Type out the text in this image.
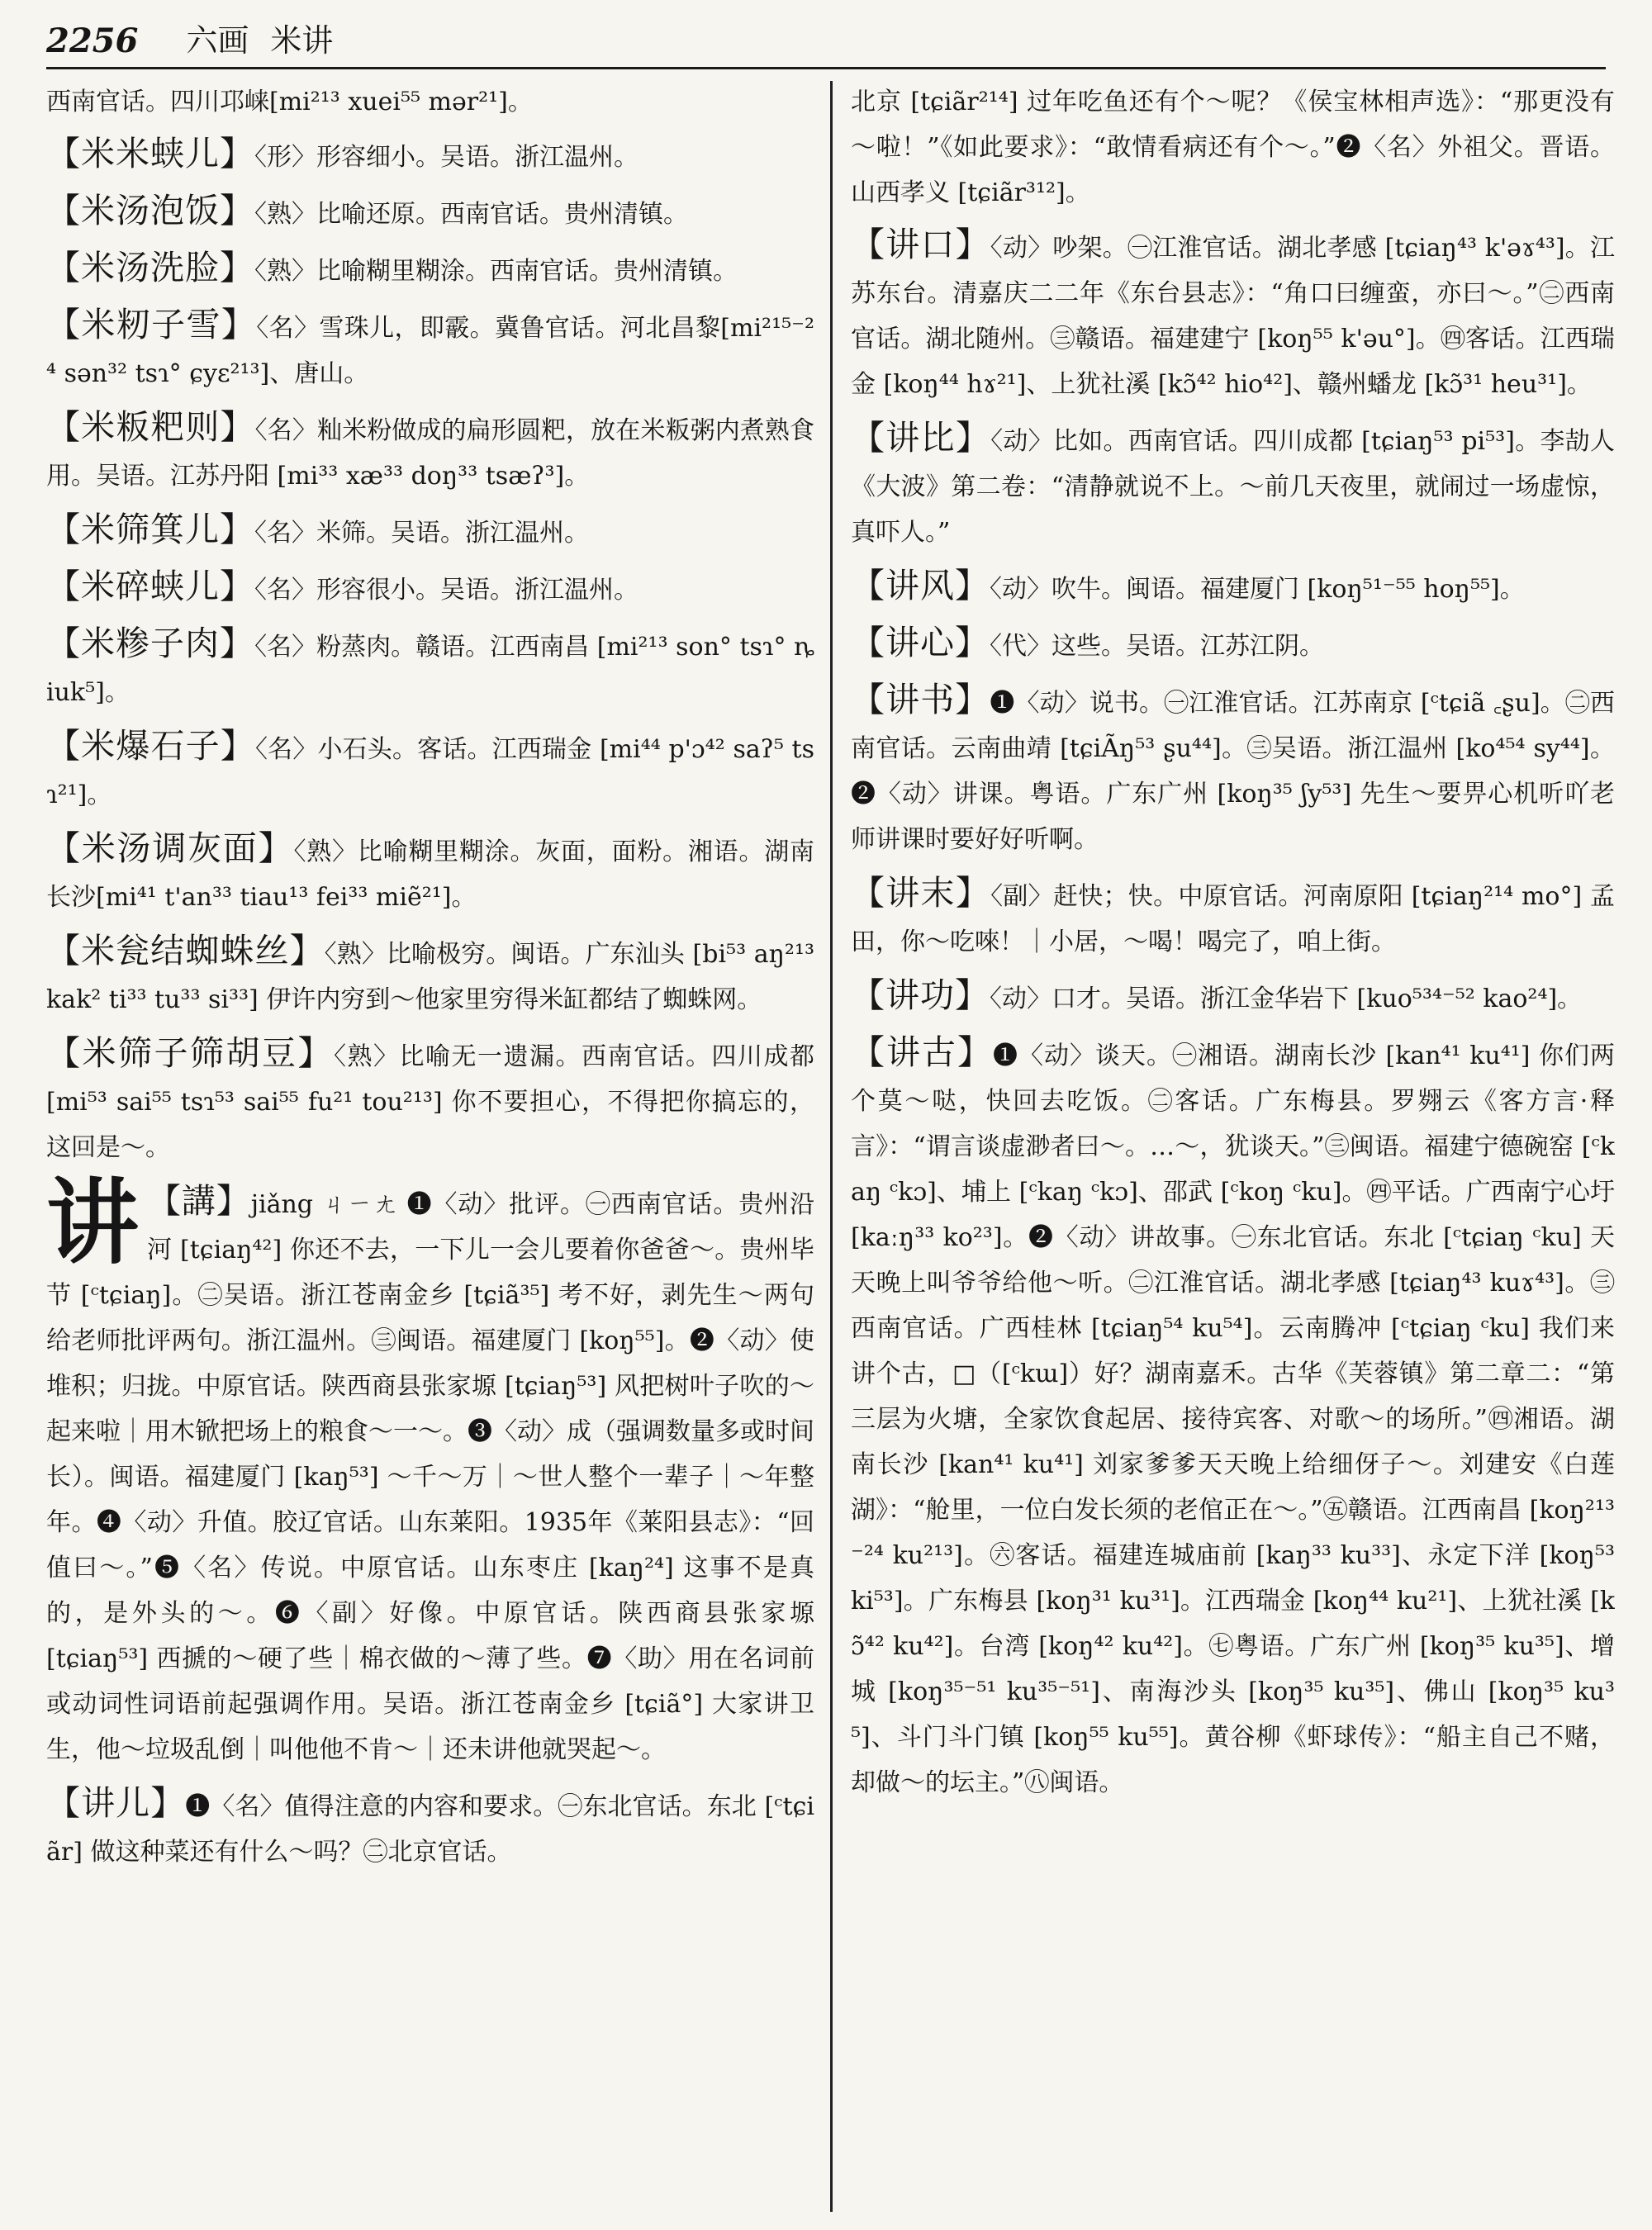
2256 六画 米讲

西南官话。四川邛崃[mi²¹³ xuei⁵⁵ mər²¹]。

【米米蛱儿】〈形〉形容细小。吴语。浙江温州。

【米汤泡饭】〈熟〉比喻还原。西南官话。贵州清镇。

【米汤洗脸】〈熟〉比喻糊里糊涂。西南官话。贵州清镇。

【米籾子雪】〈名〉雪珠儿，即霰。冀鲁官话。河北昌黎[mi²¹⁵⁻²⁴ sən³² tsɿ° ɕyɛ²¹³]、唐山。

【米粄粑则】〈名〉籼米粉做成的扁形圆粑，放在米粄粥内煮熟食用。吴语。江苏丹阳 [mi³³ xæ³³ doŋ³³ tsæʔ³]。

【米筛箕儿】〈名〉米筛。吴语。浙江温州。

【米碎蛱儿】〈名〉形容很小。吴语。浙江温州。

【米糁子肉】〈名〉粉蒸肉。赣语。江西南昌 [mi²¹³ son° tsɿ° ȵiuk⁵]。

【米爆石子】〈名〉小石头。客话。江西瑞金 [mi⁴⁴ p'ɔ⁴² saʔ⁵ tsɿ²¹]。

【米汤调灰面】〈熟〉比喻糊里糊涂。灰面，面粉。湘语。湖南长沙[mi⁴¹ t'an³³ tiau¹³ fei³³ miẽ²¹]。

【米瓮结蜘蛛丝】〈熟〉比喻极穷。闽语。广东汕头 [bi⁵³ aŋ²¹³ kak² ti³³ tu³³ si³³] 伊许内穷到～他家里穷得米缸都结了蜘蛛网。

【米筛子筛胡豆】〈熟〉比喻无一遗漏。西南官话。四川成都 [mi⁵³ sai⁵⁵ tsɿ⁵³ sai⁵⁵ fu²¹ tou²¹³] 你不要担心，不得把你搞忘的，这回是～。

讲 【講】jiǎng ㄐㄧㄤ ❶〈动〉批评。㊀西南官话。贵州沿河 [tɕiaŋ⁴²] 你还不去，一下儿一会儿要着你爸爸～。贵州毕节 [ᶜtɕiaŋ]。㊁吴语。浙江苍南金乡 [tɕiã³⁵] 考不好，剥先生～两句给老师批评两句。浙江温州。㊂闽语。福建厦门 [koŋ⁵⁵]。❷〈动〉使堆积；归拢。中原官话。陕西商县张家塬 [tɕiaŋ⁵³] 风把树叶子吹的～起来啦｜用木锨把场上的粮食～一～。❸〈动〉成（强调数量多或时间长）。闽语。福建厦门 [kaŋ⁵³] ～千～万｜～世人整个一辈子｜～年整年。❹〈动〉升值。胶辽官话。山东莱阳。1935年《莱阳县志》：“回值曰～。”❺〈名〉传说。中原官话。山东枣庄 [kaŋ²⁴] 这事不是真的，是外头的～。❻〈副〉好像。中原官话。陕西商县张家塬 [tɕiaŋ⁵³] 西搋的～硬了些｜棉衣做的～薄了些。❼〈助〉用在名词前或动词性词语前起强调作用。吴语。浙江苍南金乡 [tɕiã°] 大家讲卫生，他～垃圾乱倒｜叫他他不肯～｜还未讲他就哭起～。

【讲儿】❶〈名〉值得注意的内容和要求。㊀东北官话。东北 [ᶜtɕiãr] 做这种菜还有什么～吗？㊁北京官话。

北京 [tɕiãr²¹⁴] 过年吃鱼还有个～呢？《侯宝林相声选》：“那更没有～啦！”《如此要求》：“敢情看病还有个～。”❷〈名〉外祖父。晋语。山西孝义 [tɕiãr³¹²]。

【讲口】〈动〉吵架。㊀江淮官话。湖北孝感 [tɕiaŋ⁴³ k'əɤ⁴³]。江苏东台。清嘉庆二二年《东台县志》：“角口曰缠蛮，亦曰～。”㊁西南官话。湖北随州。㊂赣语。福建建宁 [koŋ⁵⁵ k'əu°]。㊃客话。江西瑞金 [koŋ⁴⁴ hɤ²¹]、上犹社溪 [kɔ̃⁴² hio⁴²]、赣州蟠龙 [kɔ̃³¹ heu³¹]。

【讲比】〈动〉比如。西南官话。四川成都 [tɕiaŋ⁵³ pi⁵³]。李劼人《大波》第二卷：“清静就说不上。～前几天夜里，就闹过一场虚惊，真吓人。”

【讲风】〈动〉吹牛。闽语。福建厦门 [koŋ⁵¹⁻⁵⁵ hoŋ⁵⁵]。

【讲心】〈代〉这些。吴语。江苏江阴。

【讲书】❶〈动〉说书。㊀江淮官话。江苏南京 [ᶜtɕiã ꜀ʂu]。㊁西南官话。云南曲靖 [tɕiÃŋ⁵³ ʂu⁴⁴]。㊂吴语。浙江温州 [ko⁴⁵⁴ sy⁴⁴]。❷〈动〉讲课。粤语。广东广州 [koŋ³⁵ ʃy⁵³] 先生～要畀心机听吖老师讲课时要好好听啊。

【讲末】〈副〉赶快；快。中原官话。河南原阳 [tɕiaŋ²¹⁴ mo°] 孟田，你～吃唻！｜小居，～喝！喝完了，咱上街。

【讲功】〈动〉口才。吴语。浙江金华岩下 [kuo⁵³⁴⁻⁵² kao²⁴]。

【讲古】❶〈动〉谈天。㊀湘语。湖南长沙 [kan⁴¹ ku⁴¹] 你们两个莫～哒，快回去吃饭。㊁客话。广东梅县。罗翙云《客方言·释言》：“谓言谈虚渺者曰～。…～，犹谈天。”㊂闽语。福建宁德碗窑 [ᶜkaŋ ᶜkɔ]、埔上 [ᶜkaŋ ᶜkɔ]、邵武 [ᶜkoŋ ᶜku]。㊃平话。广西南宁心圩 [kaːŋ³³ ko²³]。❷〈动〉讲故事。㊀东北官话。东北 [ᶜtɕiaŋ ᶜku] 天天晚上叫爷爷给他～听。㊁江淮官话。湖北孝感 [tɕiaŋ⁴³ kuɤ⁴³]。㊂西南官话。广西桂林 [tɕiaŋ⁵⁴ ku⁵⁴]。云南腾冲 [ᶜtɕiaŋ ᶜku] 我们来讲个古，□（[ᶜkɯ]）好？湖南嘉禾。古华《芙蓉镇》第二章二：“第三层为火塘，全家饮食起居、接待宾客、对歌～的场所。”㊃湘语。湖南长沙 [kan⁴¹ ku⁴¹] 刘家爹爹天天晚上给细伢子～。刘建安《白莲湖》：“舱里，一位白发长须的老倌正在～。”㊄赣语。江西南昌 [koŋ²¹³⁻²⁴ ku²¹³]。㊅客话。福建连城庙前 [kaŋ³³ ku³³]、永定下洋 [koŋ⁵³ ki⁵³]。广东梅县 [koŋ³¹ ku³¹]。江西瑞金 [koŋ⁴⁴ ku²¹]、上犹社溪 [kɔ̃⁴² ku⁴²]。台湾 [koŋ⁴² ku⁴²]。㊆粤语。广东广州 [koŋ³⁵ ku³⁵]、增城 [koŋ³⁵⁻⁵¹ ku³⁵⁻⁵¹]、南海沙头 [koŋ³⁵ ku³⁵]、佛山 [koŋ³⁵ ku³⁵]、斗门斗门镇 [koŋ⁵⁵ ku⁵⁵]。黄谷柳《虾球传》：“船主自己不赌，却做～的坛主。”㊇闽语。
